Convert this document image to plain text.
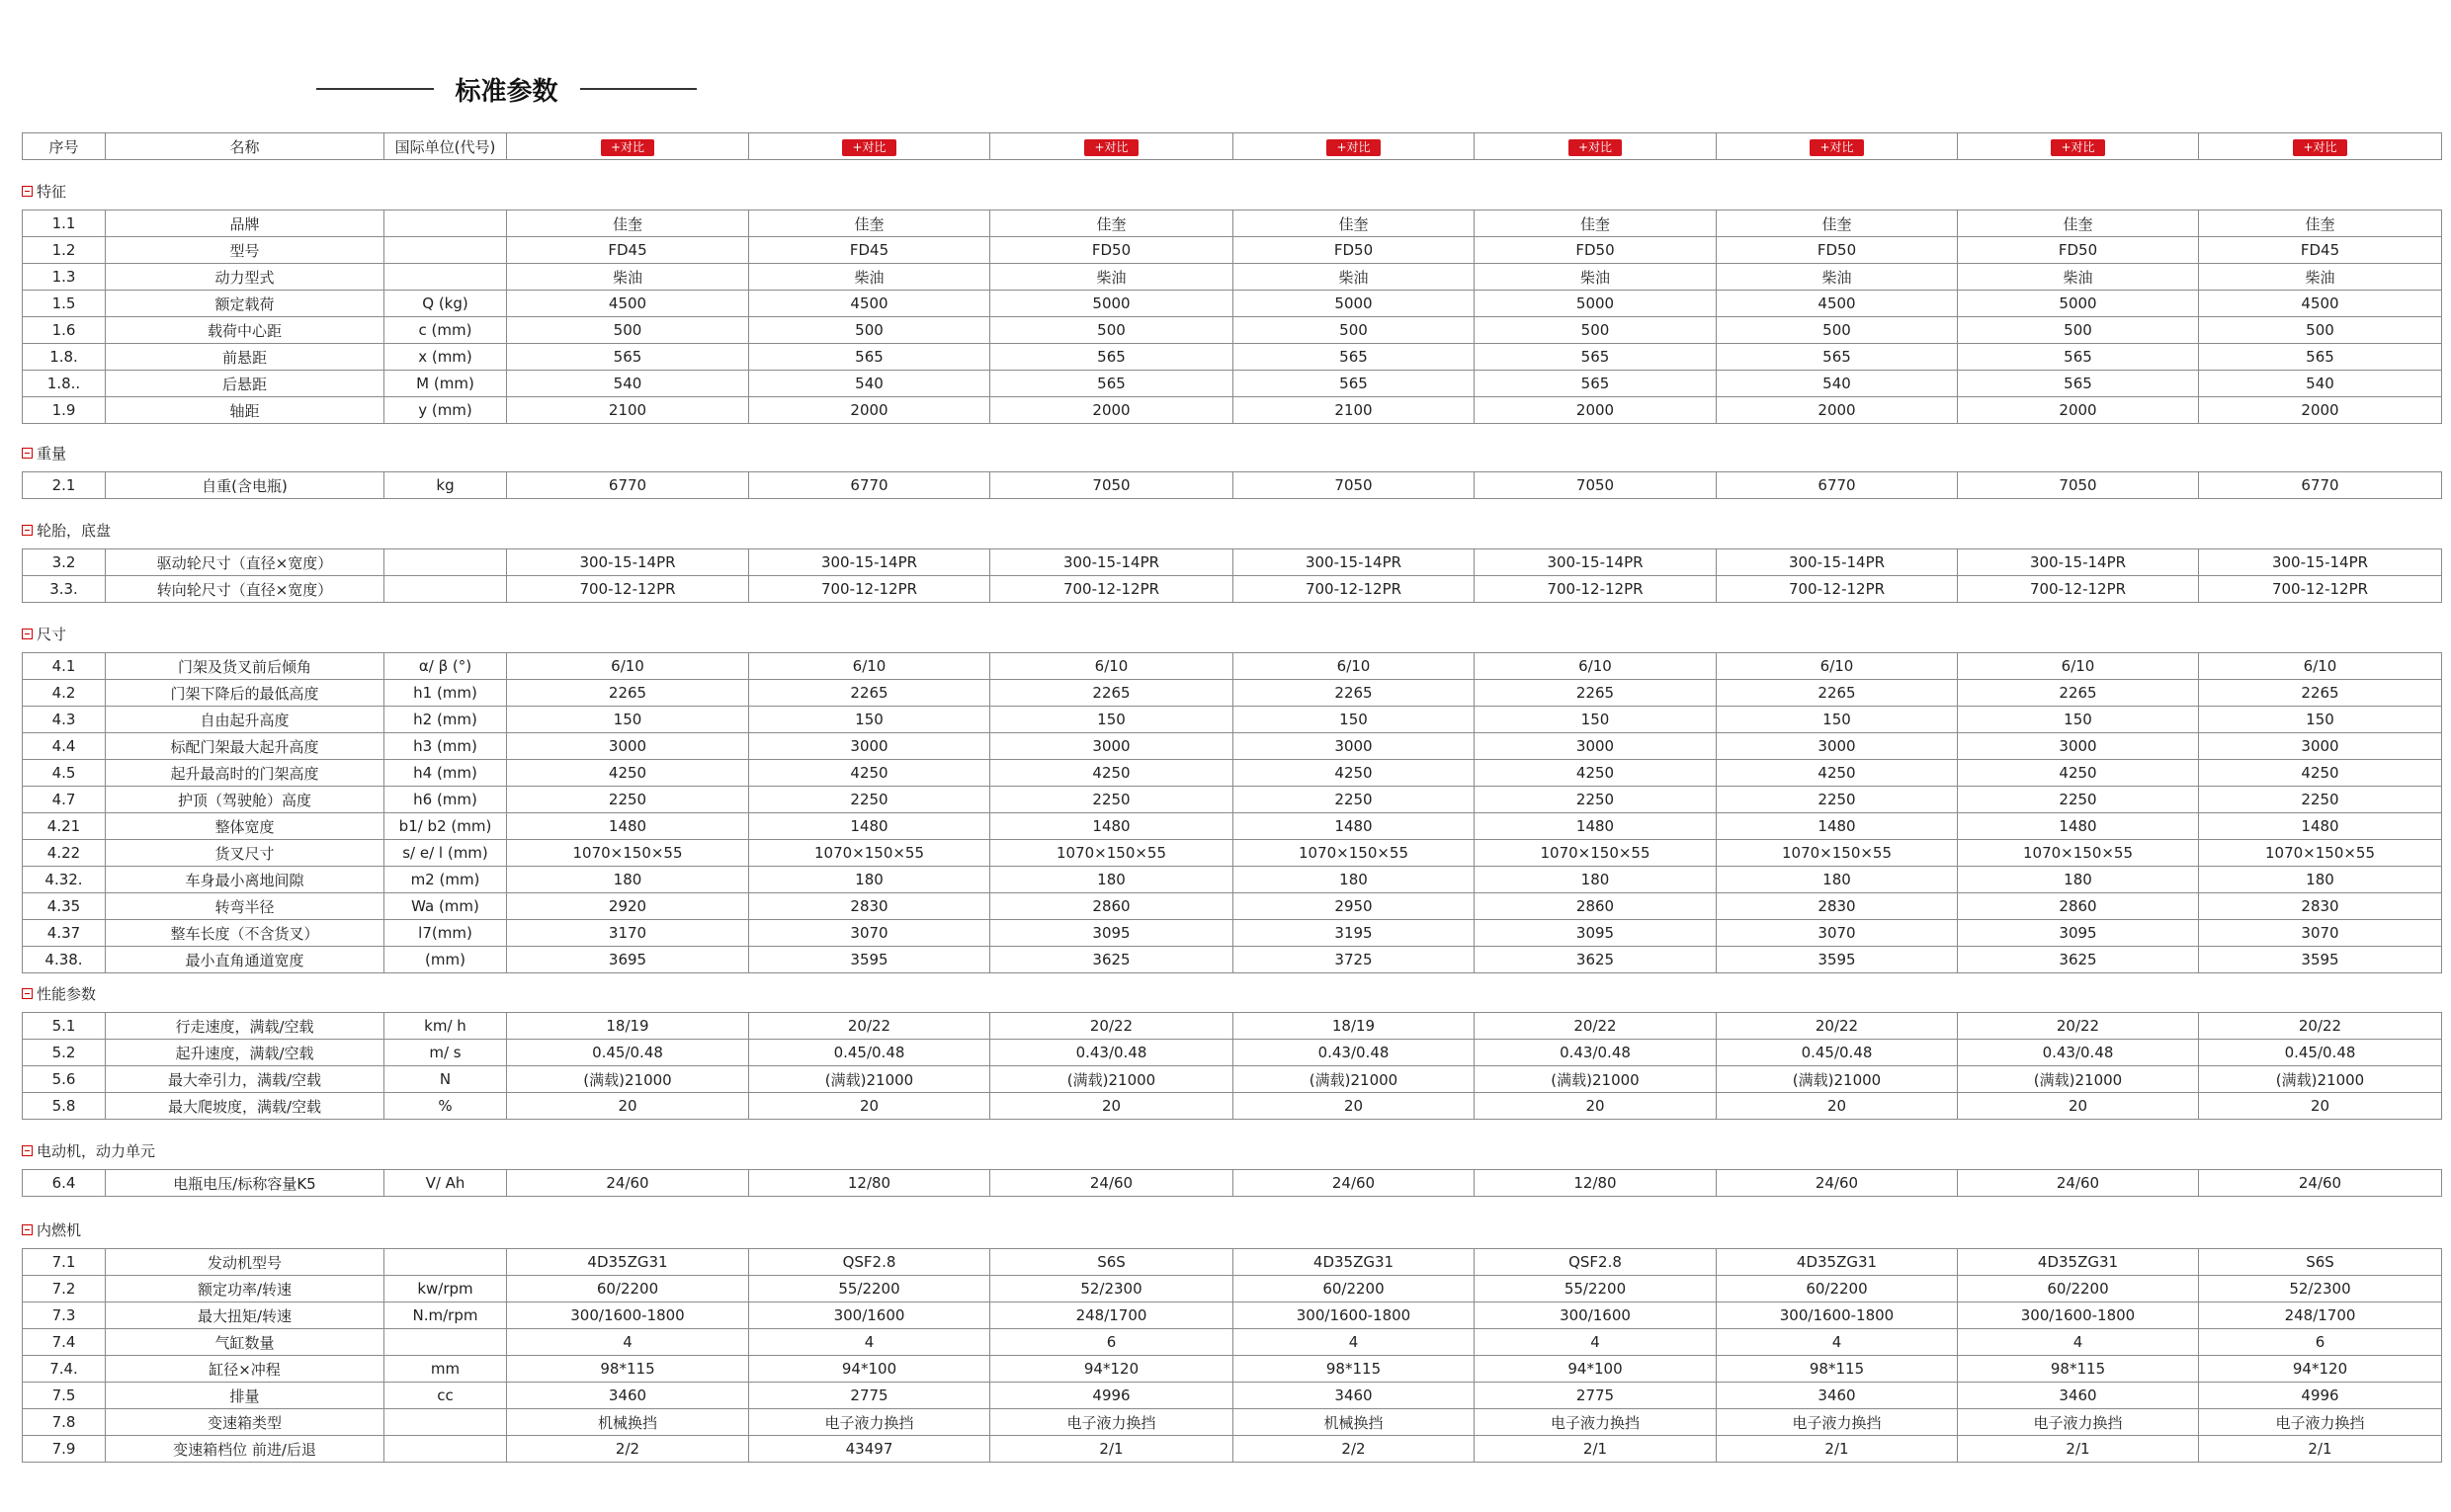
标准参数
序号	名称	国际单位(代号)	+对比	+对比	+对比	+对比	+对比	+对比	+对比	+对比
特征
1.1	品牌		佳奎	佳奎	佳奎	佳奎	佳奎	佳奎	佳奎	佳奎
1.2	型号		FD45	FD45	FD50	FD50	FD50	FD50	FD50	FD45
1.3	动力型式		柴油	柴油	柴油	柴油	柴油	柴油	柴油	柴油
1.5	额定载荷	Q (kg)	4500	4500	5000	5000	5000	4500	5000	4500
1.6	载荷中心距	c (mm)	500	500	500	500	500	500	500	500
1.8.	前悬距	x (mm)	565	565	565	565	565	565	565	565
1.8..	后悬距	M (mm)	540	540	565	565	565	540	565	540
1.9	轴距	y (mm)	2100	2000	2000	2100	2000	2000	2000	2000
重量
2.1	自重(含电瓶)	kg	6770	6770	7050	7050	7050	6770	7050	6770
轮胎，底盘
3.2	驱动轮尺寸（直径×宽度）		300-15-14PR	300-15-14PR	300-15-14PR	300-15-14PR	300-15-14PR	300-15-14PR	300-15-14PR	300-15-14PR
3.3.	转向轮尺寸（直径×宽度）		700-12-12PR	700-12-12PR	700-12-12PR	700-12-12PR	700-12-12PR	700-12-12PR	700-12-12PR	700-12-12PR
尺寸
4.1	门架及货叉前后倾角	α/ β (°)	6/10	6/10	6/10	6/10	6/10	6/10	6/10	6/10
4.2	门架下降后的最低高度	h1 (mm)	2265	2265	2265	2265	2265	2265	2265	2265
4.3	自由起升高度	h2 (mm)	150	150	150	150	150	150	150	150
4.4	标配门架最大起升高度	h3 (mm)	3000	3000	3000	3000	3000	3000	3000	3000
4.5	起升最高时的门架高度	h4 (mm)	4250	4250	4250	4250	4250	4250	4250	4250
4.7	护顶（驾驶舱）高度	h6 (mm)	2250	2250	2250	2250	2250	2250	2250	2250
4.21	整体宽度	b1/ b2 (mm)	1480	1480	1480	1480	1480	1480	1480	1480
4.22	货叉尺寸	s/ e/ l (mm)	1070×150×55	1070×150×55	1070×150×55	1070×150×55	1070×150×55	1070×150×55	1070×150×55	1070×150×55
4.32.	车身最小离地间隙	m2 (mm)	180	180	180	180	180	180	180	180
4.35	转弯半径	Wa (mm)	2920	2830	2860	2950	2860	2830	2860	2830
4.37	整车长度（不含货叉）	l7(mm)	3170	3070	3095	3195	3095	3070	3095	3070
4.38.	最小直角通道宽度	(mm)	3695	3595	3625	3725	3625	3595	3625	3595
性能参数
5.1	行走速度，满载/空载	km/ h	18/19	20/22	20/22	18/19	20/22	20/22	20/22	20/22
5.2	起升速度，满载/空载	m/ s	0.45/0.48	0.45/0.48	0.43/0.48	0.43/0.48	0.43/0.48	0.45/0.48	0.43/0.48	0.45/0.48
5.6	最大牵引力，满载/空载	N	(满载)21000	(满载)21000	(满载)21000	(满载)21000	(满载)21000	(满载)21000	(满载)21000	(满载)21000
5.8	最大爬坡度，满载/空载	%	20	20	20	20	20	20	20	20
电动机，动力单元
6.4	电瓶电压/标称容量K5	V/ Ah	24/60	12/80	24/60	24/60	12/80	24/60	24/60	24/60
内燃机
7.1	发动机型号		4D35ZG31	QSF2.8	S6S	4D35ZG31	QSF2.8	4D35ZG31	4D35ZG31	S6S
7.2	额定功率/转速	kw/rpm	60/2200	55/2200	52/2300	60/2200	55/2200	60/2200	60/2200	52/2300
7.3	最大扭矩/转速	N.m/rpm	300/1600-1800	300/1600	248/1700	300/1600-1800	300/1600	300/1600-1800	300/1600-1800	248/1700
7.4	气缸数量		4	4	6	4	4	4	4	6
7.4.	缸径×冲程	mm	98*115	94*100	94*120	98*115	94*100	98*115	98*115	94*120
7.5	排量	cc	3460	2775	4996	3460	2775	3460	3460	4996
7.8	变速箱类型		机械换挡	电子液力换挡	电子液力换挡	机械换挡	电子液力换挡	电子液力换挡	电子液力换挡	电子液力换挡
7.9	变速箱档位 前进/后退		2/2	43497	2/1	2/2	2/1	2/1	2/1	2/1
